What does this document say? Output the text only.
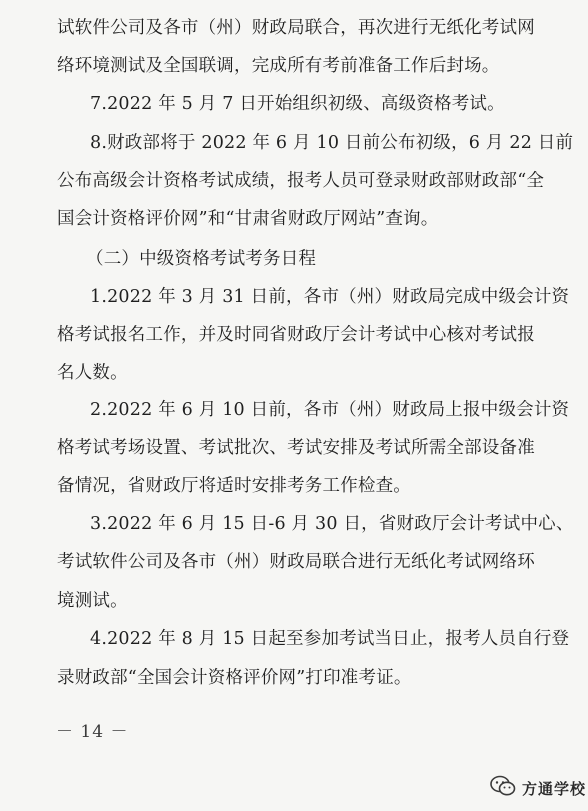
试软件公司及各市（州）财政局联合，再次进行无纸化考试网
络环境测试及全国联调，完成所有考前准备工作后封场。
7.2022 年 5 月 7 日开始组织初级、高级资格考试。
8.财政部将于 2022 年 6 月 10 日前公布初级，6 月 22 日前
公布高级会计资格考试成绩，报考人员可登录财政部财政部“全
国会计资格评价网”和“甘肃省财政厅网站”查询。
（二）中级资格考试考务日程
1.2022 年 3 月 31 日前，各市（州）财政局完成中级会计资
格考试报名工作，并及时同省财政厅会计考试中心核对考试报
名人数。
2.2022 年 6 月 10 日前，各市（州）财政局上报中级会计资
格考试考场设置、考试批次、考试安排及考试所需全部设备准
备情况，省财政厅将适时安排考务工作检查。
3.2022 年 6 月 15 日-6 月 30 日，省财政厅会计考试中心、
考试软件公司及各市（州）财政局联合进行无纸化考试网络环
境测试。
4.2022 年 8 月 15 日起至参加考试当日止，报考人员自行登
录财政部“全国会计资格评价网”打印准考证。
－ 14 －
方通学校
